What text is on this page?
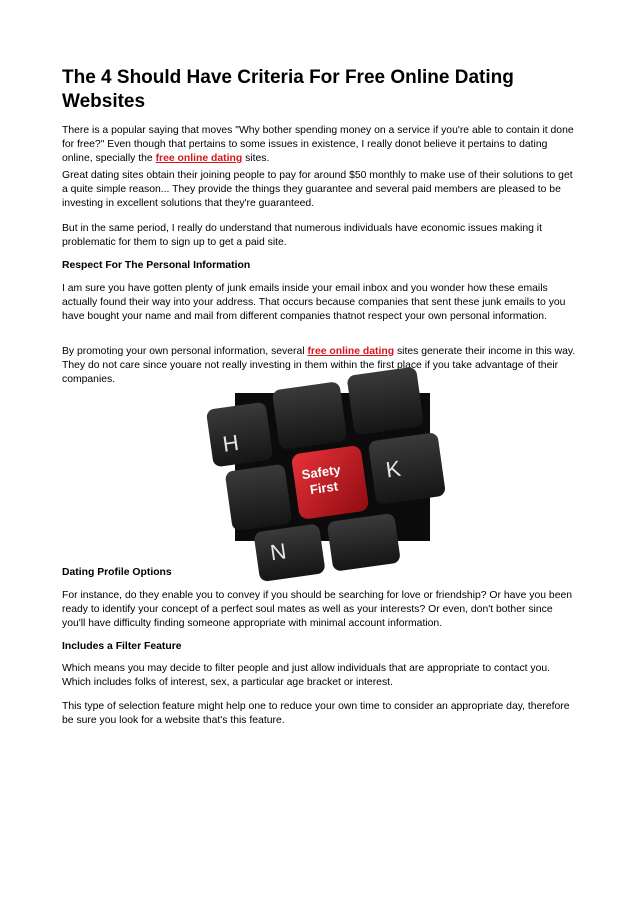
The 4 Should Have Criteria For Free Online Dating Websites

There is a popular saying that moves "Why bother spending money on a service if you're able to contain it done for free?" Even though that pertains to some issues in existence, I really donot believe it pertains to dating online, specially the free online dating sites.

Great dating sites obtain their joining people to pay for around $50 monthly to make use of their solutions to get a quite simple reason... They provide the things they guarantee and several paid members are pleased to be investing in excellent solutions that they're guaranteed.

But in the same period, I really do understand that numerous individuals have economic issues making it problematic for them to sign up to get a paid site.

Respect For The Personal Information

I am sure you have gotten plenty of junk emails inside your email inbox and you wonder how these emails actually found their way into your address. That occurs because companies that sent these junk emails to you have bought your name and mail from different companies thatnot respect your own personal information.

By promoting your own personal information, several free online dating sites generate their income in this way. They do not care since youare not really investing in them within the first place if you take advantage of their companies.

H
Safety
First
K
N

Dating Profile Options

For instance, do they enable you to convey if you should be searching for love or friendship? Or have you been ready to identify your concept of a perfect soul mates as well as your interests? Or even, don't bother since you'll have difficulty finding someone appropriate with minimal account information.

Includes a Filter Feature

Which means you may decide to filter people and just allow individuals that are appropriate to contact you. Which includes folks of interest, sex, a particular age bracket or interest.

This type of selection feature might help one to reduce your own time to consider an appropriate day, therefore be sure you look for a website that's this feature.
